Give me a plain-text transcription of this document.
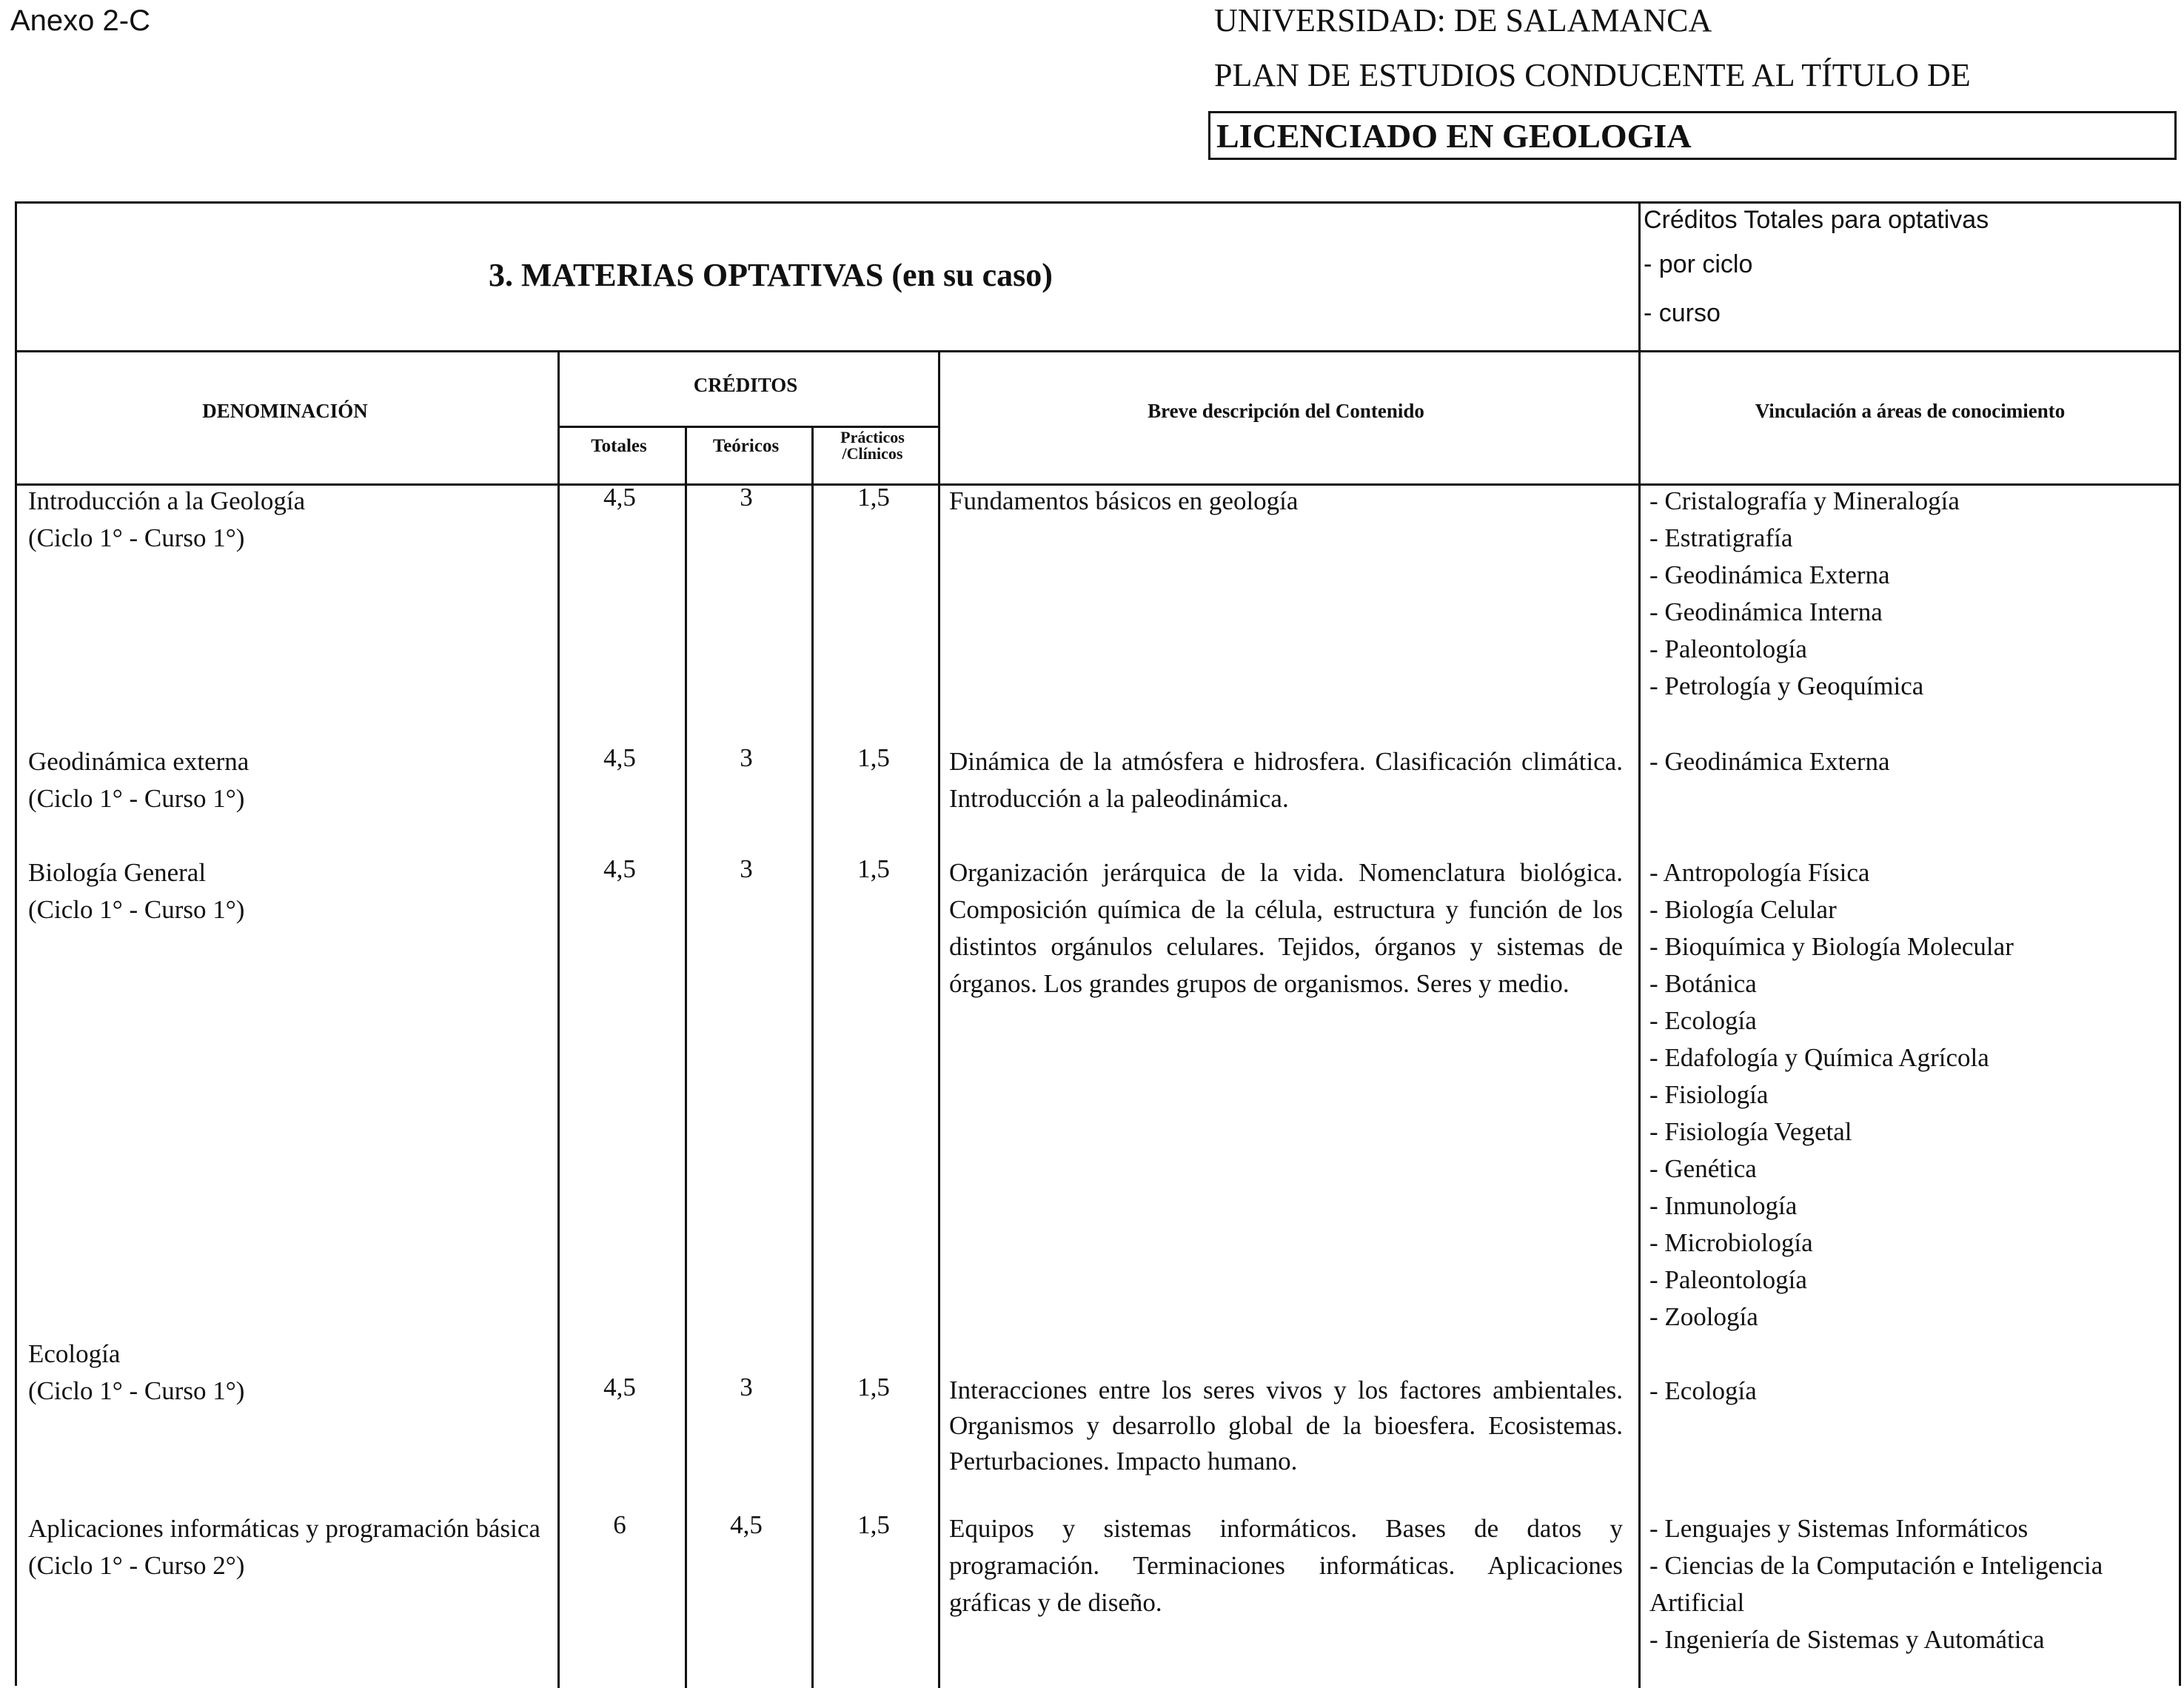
Anexo 2-C	UNIVERSIDAD: DE SALAMANCA
PLAN DE ESTUDIOS CONDUCENTE AL TÍTULO DE
LICENCIADO EN GEOLOGIA
3. MATERIAS OPTATIVAS (en su caso)
Créditos Totales para optativas
- por ciclo
- curso
DENOMINACIÓN
CRÉDITOS
Totales	Teóricos	Prácticos
/Clínicos
Breve descripción del Contenido	Vinculación a áreas de conocimiento
Introducción a la Geología
(Ciclo 1° - Curso 1°)
4,5	3	1,5	Fundamentos básicos en geología	- Cristalografía y Mineralogía
- Estratigrafía
- Geodinámica Externa
- Geodinámica Interna
- Paleontología
- Petrología y Geoquímica
Geodinámica externa
(Ciclo 1° - Curso 1°)
4,5	3	1,5	Dinámica de la atmósfera e hidrosfera. Clasificación climática. Introducción a la paleodinámica.
- Geodinámica Externa
Biología General
(Ciclo 1° - Curso 1°)
4,5	3	1,5	Organización jerárquica de la vida. Nomenclatura biológica. Composición química de la célula, estructura y función de los distintos orgánulos celulares. Tejidos, órganos y sistemas de órganos. Los grandes grupos de organismos. Seres y medio.
- Antropología Física
- Biología Celular
- Bioquímica y Biología Molecular
- Botánica
- Ecología
- Edafología y Química Agrícola
- Fisiología
- Fisiología Vegetal
- Genética
- Inmunología
- Microbiología
- Paleontología
- Zoología
Ecología
(Ciclo 1° - Curso 1°)	4,5	3	1,5	Interacciones entre los seres vivos y los factores ambientales. Organismos y desarrollo global de la bioesfera. Ecosistemas. Perturbaciones. Impacto humano.
- Ecología
Aplicaciones informáticas y programación básica
(Ciclo 1° - Curso 2°)
6	4,5	1,5	Equipos y sistemas informáticos. Bases de datos y programación. Terminaciones informáticas. Aplicaciones gráficas y de diseño.
- Lenguajes y Sistemas Informáticos
- Ciencias de la Computación e Inteligencia Artificial
- Ingeniería de Sistemas y Automática
